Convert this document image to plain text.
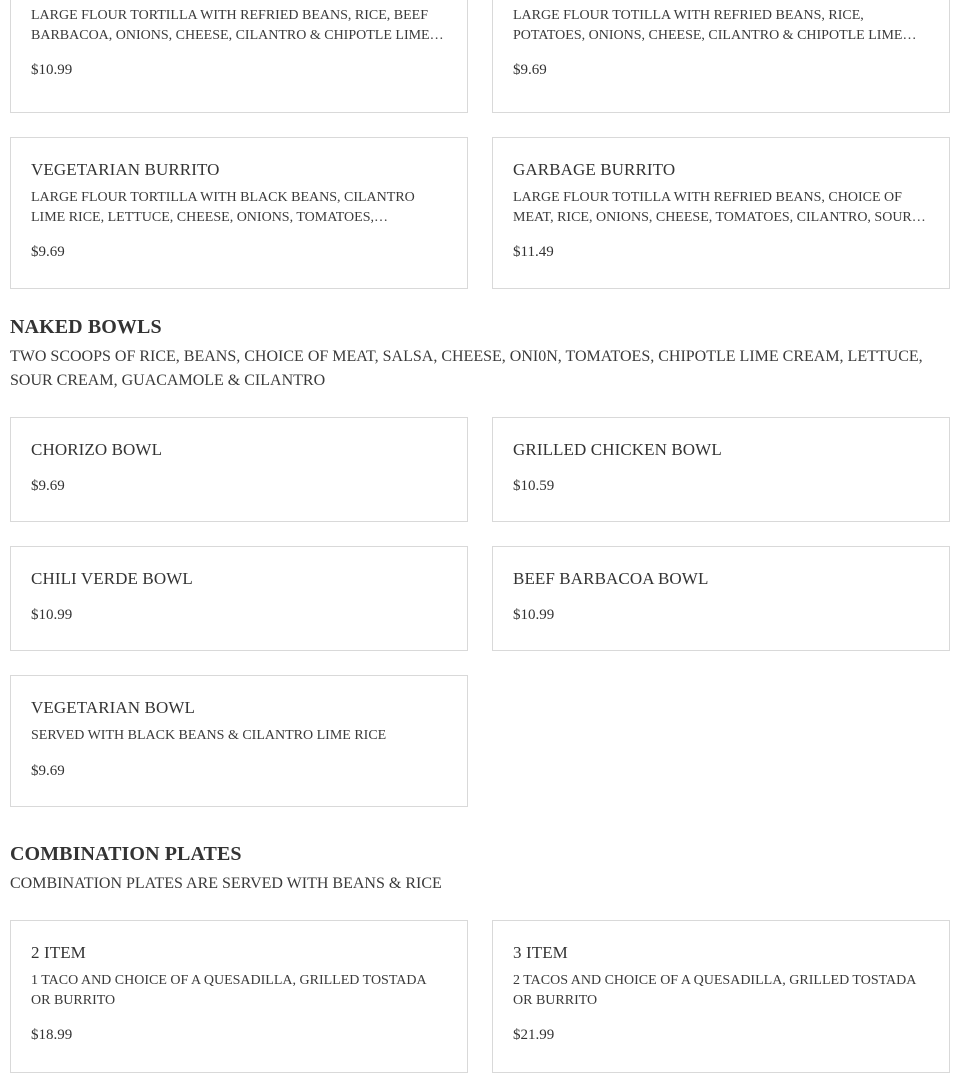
LARGE FLOUR TORTILLA WITH REFRIED BEANS, RICE, BEEF BARBACOA, ONIONS, CHEESE, CILANTRO & CHIPOTLE LIME…
$10.99
LARGE FLOUR TOTILLA WITH REFRIED BEANS, RICE, POTATOES, ONIONS, CHEESE, CILANTRO & CHIPOTLE LIME…
$9.69
VEGETARIAN BURRITO
LARGE FLOUR TORTILLA WITH BLACK BEANS, CILANTRO LIME RICE, LETTUCE, CHEESE, ONIONS, TOMATOES,…
$9.69
GARBAGE BURRITO
LARGE FLOUR TOTILLA WITH REFRIED BEANS, CHOICE OF MEAT, RICE, ONIONS, CHEESE, TOMATOES, CILANTRO, SOUR…
$11.49
NAKED BOWLS

TWO SCOOPS OF RICE, BEANS, CHOICE OF MEAT, SALSA, CHEESE, ONI0N, TOMATOES, CHIPOTLE LIME CREAM, LETTUCE, SOUR CREAM, GUACAMOLE & CILANTRO

CHORIZO BOWL
$9.69
GRILLED CHICKEN BOWL
$10.59
CHILI VERDE BOWL
$10.99
BEEF BARBACOA BOWL
$10.99
VEGETARIAN BOWL
SERVED WITH BLACK BEANS & CILANTRO LIME RICE
$9.69
COMBINATION PLATES

COMBINATION PLATES ARE SERVED WITH BEANS & RICE

2 ITEM
1 TACO AND CHOICE OF A QUESADILLA, GRILLED TOSTADA OR BURRITO
$18.99
3 ITEM
2 TACOS AND CHOICE OF A QUESADILLA, GRILLED TOSTADA OR BURRITO
$21.99
